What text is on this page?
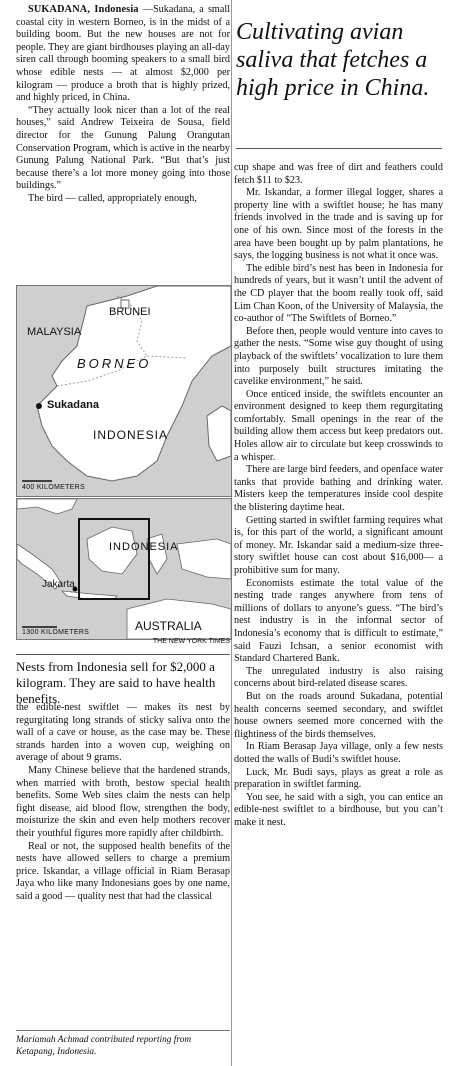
Cultivating avian saliva that fetches a high price in China.

SUKADANA, Indonesia —Sukadana, a small coastal city in western Borneo, is in the midst of a building boom. But the new houses are not for people. They are giant birdhouses playing an all-day siren call through booming speakers to a small bird whose edible nests — at almost $2,000 per kilogram — produce a broth that is highly prized, and highly priced, in China.

“They actually look nicer than a lot of the real houses,” said Andrew Teixeira de Sousa, field director for the Gunung Palung Orangutan Conservation Program, which is active in the nearby Gunung Palung National Park. “But that’s just because there’s a lot more money going into those buildings.”

The bird — called, appropriately enough,

BRUNEI
MALAYSIA
BORNEO
Sukadana
INDONESIA
400 KILOMETERS
INDONESIA
Jakarta
AUSTRALIA
1300 KILOMETERS
THE NEW YORK TIMES
Nests from Indonesia sell for $2,000 a kilogram. They are said to have health benefits.

the edible-nest swiftlet — makes its nest by regurgitating long strands of sticky saliva onto the wall of a cave or house, as the case may be. These strands harden into a woven cup, weighing on average of about 9 grams.

Many Chinese believe that the hardened strands, when married with broth, bestow special health benefits. Some Web sites claim the nests can help fight disease, aid blood flow, strengthen the body, moisturize the skin and even help mothers recover their youthful figures more rapidly after childbirth.

Real or not, the supposed health benefits of the nests have allowed sellers to charge a premium price. Iskandar, a village official in Riam Berasap Jaya who like many Indonesians goes by one name, said a good — quality nest that had the classical

Mariamah Achmad contributed reporting from Ketapang, Indonesia.

cup shape and was free of dirt and feathers could fetch $11 to $23.

Mr. Iskandar, a former illegal logger, shares a property line with a swiftlet house; he has many friends involved in the trade and is saving up for one of his own. Since most of the forests in the area have been bought up by palm plantations, he says, the logging business is not what it once was.

The edible bird’s nest has been in Indonesia for hundreds of years, but it wasn’t until the advent of the CD player that the boom really took off, said Lim Chan Koon, of the University of Malaysia, the co-author of “The Swiftlets of Borneo.”

Before then, people would venture into caves to gather the nests. “Some wise guy thought of using playback of the swiftlets’ vocalization to lure them into purposely built structures imitating the cavelike environment,” he said.

Once enticed inside, the swiftlets encounter an environment designed to keep them regurgitating comfortably. Small openings in the rear of the building allow them access but keep predators out. Holes allow air to circulate but keep crosswinds to a whisper.

There are large bird feeders, and openface water tanks that provide bathing and drinking water. Misters keep the temperatures inside cool despite the blistering daytime heat.

Getting started in swiftlet farming requires what is, for this part of the world, a significant amount of money. Mr. Iskandar said a medium-size three-story swiftlet house can cost about $16,000— a prohibitive sum for many.

Economists estimate the total value of the nesting trade ranges anywhere from tens of millions of dollars to anyone’s guess. “The bird’s nest industry is in the informal sector of Indonesia’s economy that is difficult to estimate,” said Fauzi Ichsan, a senior economist with Standard Chartered Bank.

The unregulated industry is also raising concerns about bird-related disease scares.

But on the roads around Sukadana, potential health concerns seemed secondary, and swiftlet house owners seemed more concerned with the flightiness of the birds themselves.

In Riam Berasap Jaya village, only a few nests dotted the walls of Budi’s swiftlet house.

Luck, Mr. Budi says, plays as great a role as preparation in swiftlet farming.

You see, he said with a sigh, you can entice an edible-nest swiftlet to a birdhouse, but you can’t make it nest.
